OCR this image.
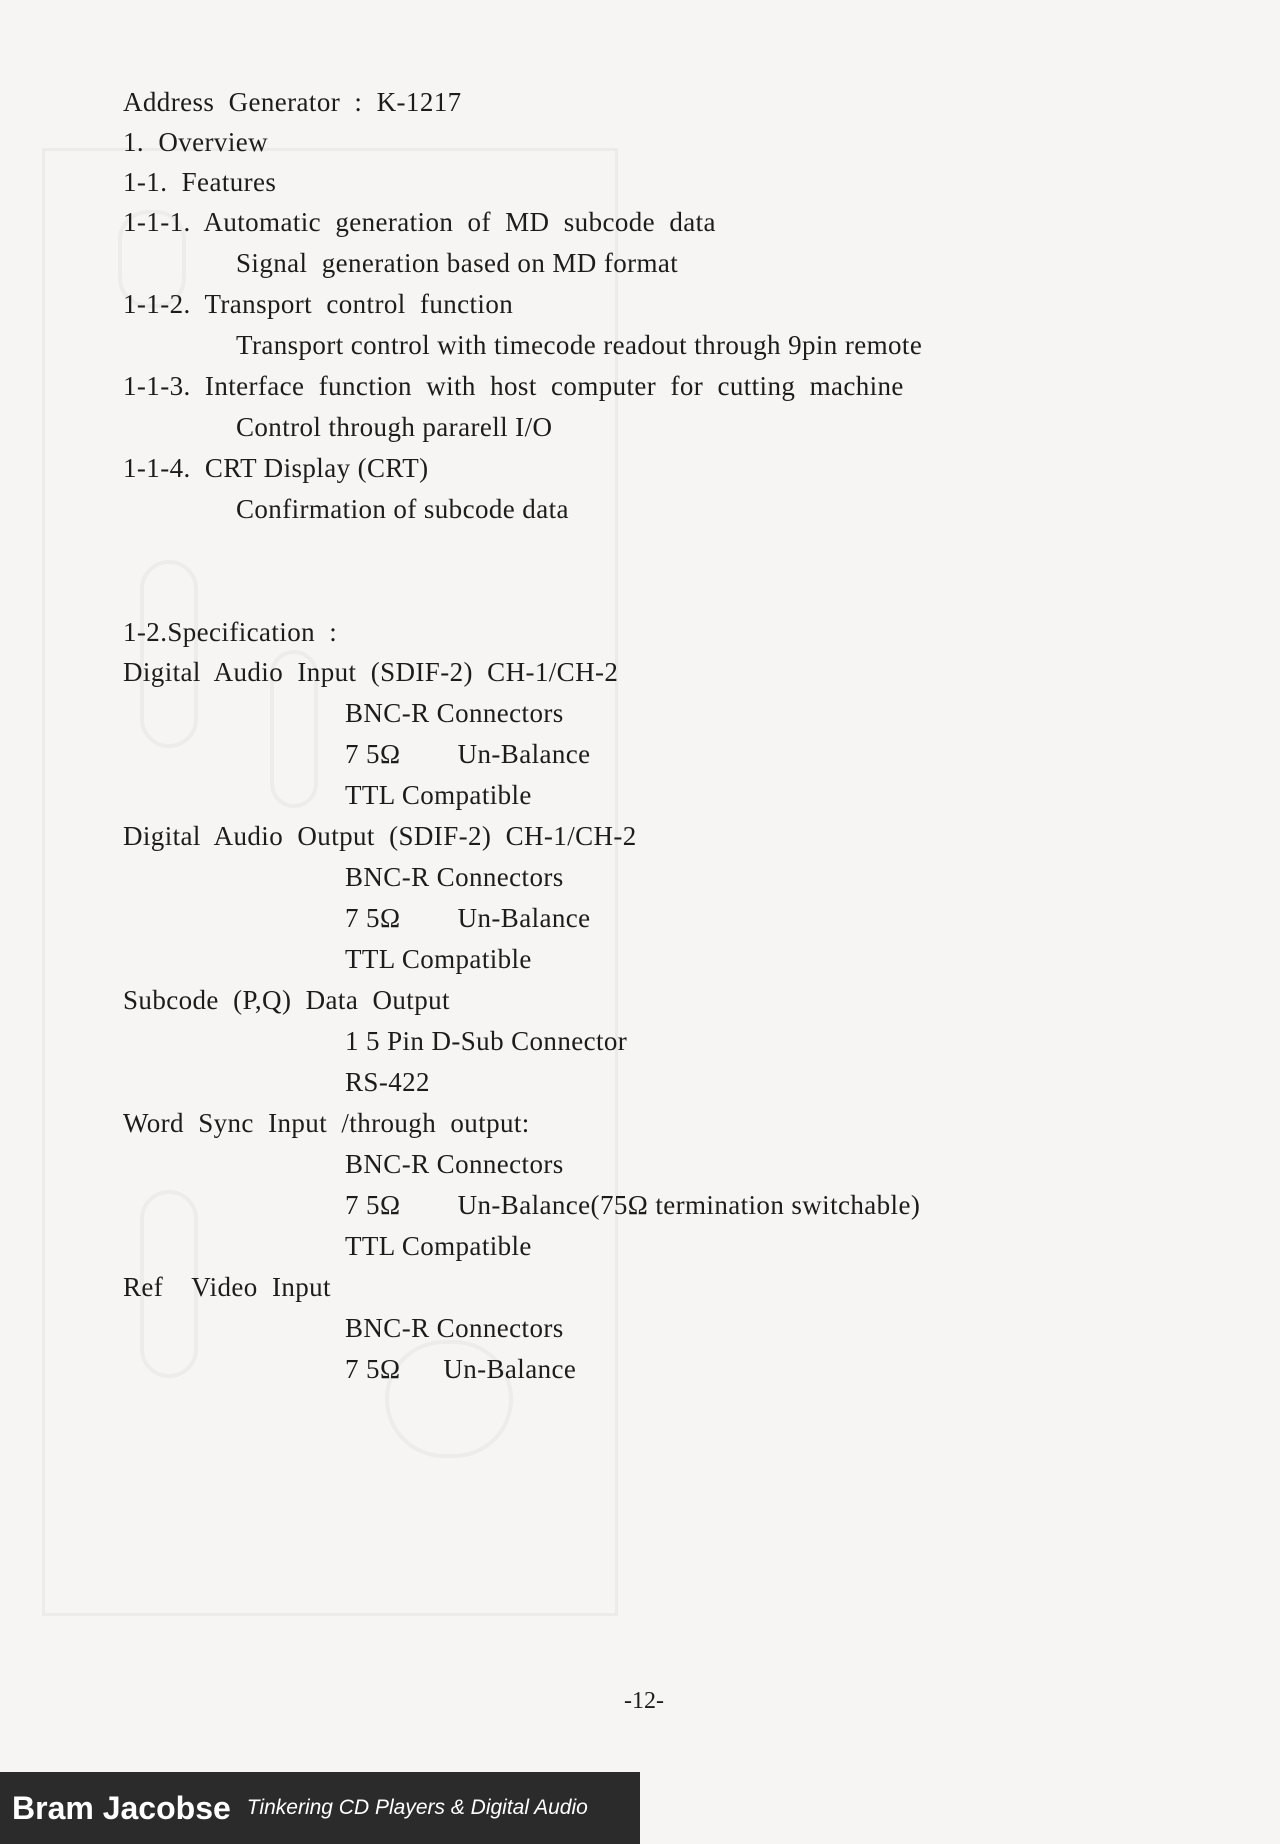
Address  Generator  :  K-1217
1.  Overview
1-1.  Features
1-1-1.  Automatic  generation  of  MD  subcode  data
Signal  generation based on MD format
1-1-2.  Transport  control  function
Transport control with timecode readout through 9pin remote
1-1-3.  Interface  function  with  host  computer  for  cutting  machine
Control through pararell I/O
1-1-4.  CRT Display (CRT)
Confirmation of subcode data
1-2.Specification  :
Digital  Audio  Input  (SDIF-2)  CH-1/CH-2
BNC-R Connectors
7 5Ω        Un-Balance
TTL Compatible
Digital  Audio  Output  (SDIF-2)  CH-1/CH-2
BNC-R Connectors
7 5Ω        Un-Balance
TTL Compatible
Subcode  (P,Q)  Data  Output
1 5 Pin D-Sub Connector
RS-422
Word  Sync  Input  /through  output:
BNC-R Connectors
7 5Ω        Un-Balance(75Ω termination switchable)
TTL Compatible
Ref    Video  Input
BNC-R Connectors
7 5Ω      Un-Balance
-12-
Bram Jacobse Tinkering CD Players & Digital Audio
